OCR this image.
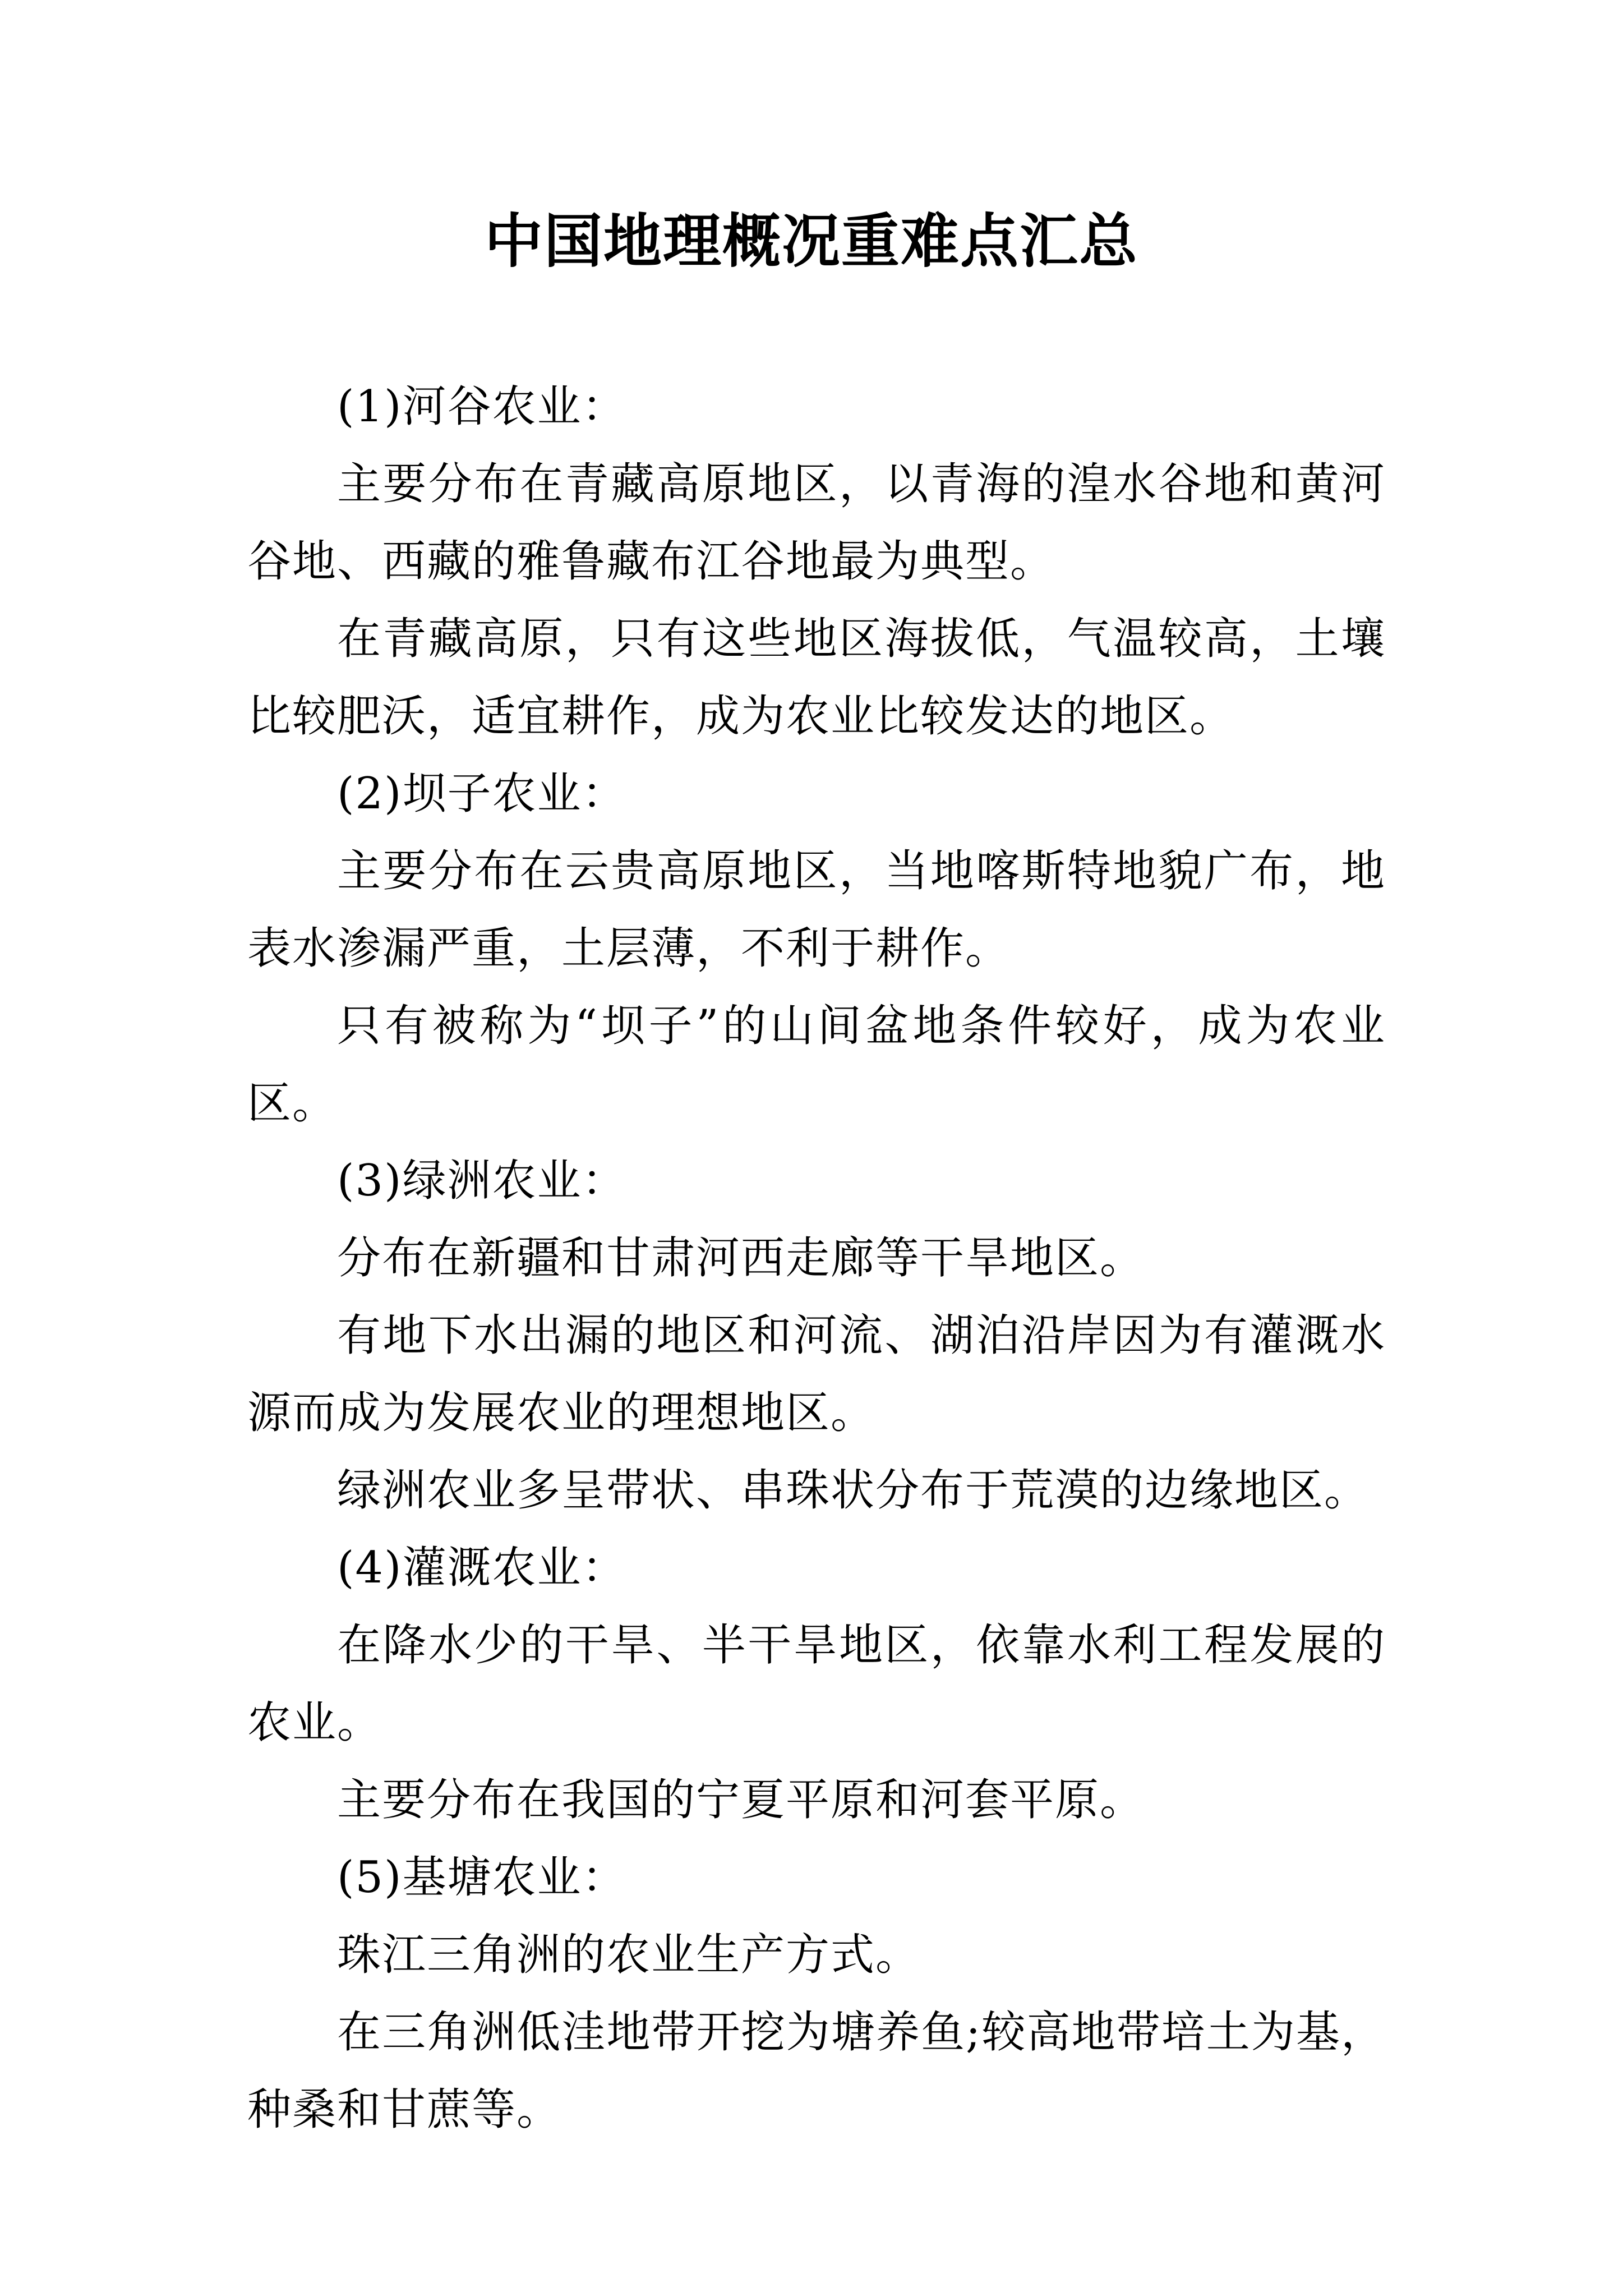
中国地理概况重难点汇总

(1)河谷农业：

主要分布在青藏高原地区，以青海的湟水谷地和黄河谷地、西藏的雅鲁藏布江谷地最为典型。

在青藏高原，只有这些地区海拔低，气温较高，土壤比较肥沃，适宜耕作，成为农业比较发达的地区。

(2)坝子农业：

主要分布在云贵高原地区，当地喀斯特地貌广布，地表水渗漏严重，土层薄，不利于耕作。

只有被称为“坝子”的山间盆地条件较好，成为农业区。

(3)绿洲农业：

分布在新疆和甘肃河西走廊等干旱地区。

有地下水出漏的地区和河流、湖泊沿岸因为有灌溉水源而成为发展农业的理想地区。

绿洲农业多呈带状、串珠状分布于荒漠的边缘地区。

(4)灌溉农业：

在降水少的干旱、半干旱地区，依靠水利工程发展的农业。

主要分布在我国的宁夏平原和河套平原。

(5)基塘农业：

珠江三角洲的农业生产方式。

在三角洲低洼地带开挖为塘养鱼;较高地带培土为基，种桑和甘蔗等。
